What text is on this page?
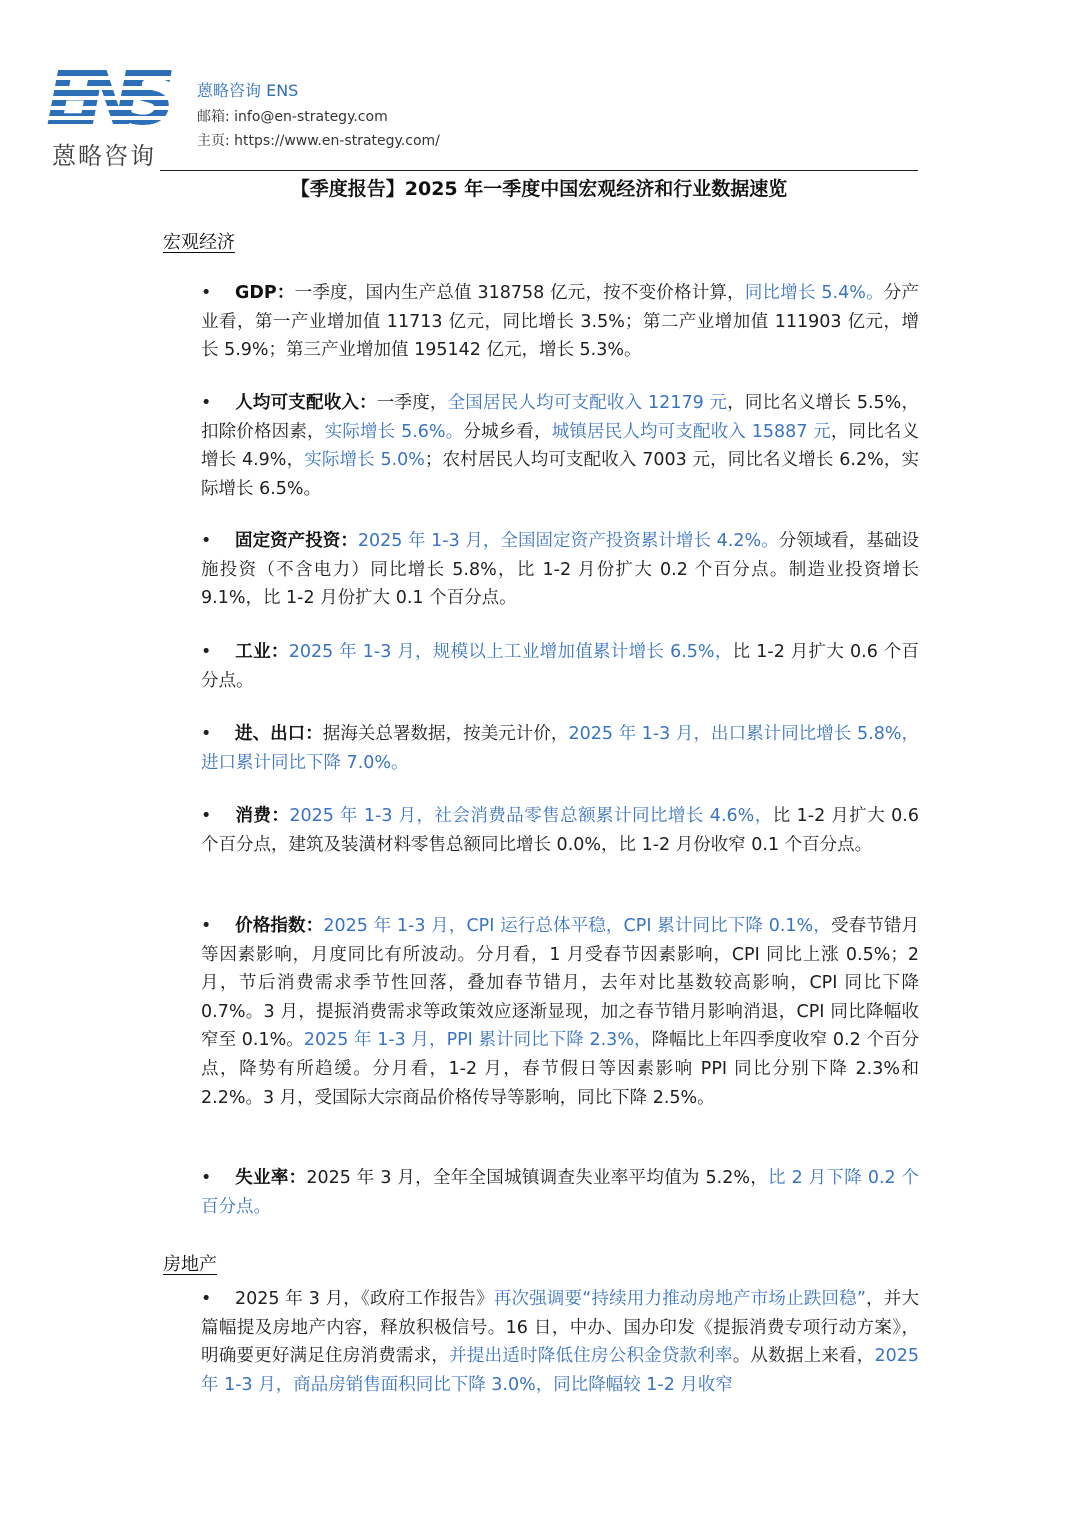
蒽略咨询
蒽略咨询 ENS
邮箱: info@en-strategy.com
主页: https://www.en-strategy.com/
【季度报告】2025 年一季度中国宏观经济和行业数据速览
宏观经济
• GDP：一季度，国内生产总值 318758 亿元，按不变价格计算，同比增长 5.4%。分产业看，第一产业增加值 11713 亿元，同比增长 3.5%；第二产业增加值 111903 亿元，增长 5.9%；第三产业增加值 195142 亿元，增长 5.3%。
• 人均可支配收入：一季度，全国居民人均可支配收入 12179 元，同比名义增长 5.5%，扣除价格因素，实际增长 5.6%。分城乡看，城镇居民人均可支配收入 15887 元，同比名义增长 4.9%，实际增长 5.0%；农村居民人均可支配收入 7003 元，同比名义增长 6.2%，实际增长 6.5%。
• 固定资产投资：2025 年 1-3 月，全国固定资产投资累计增长 4.2%。分领域看，基础设施投资（不含电力）同比增长 5.8%，比 1-2 月份扩大 0.2 个百分点。制造业投资增长 9.1%，比 1-2 月份扩大 0.1 个百分点。
• 工业：2025 年 1-3 月，规模以上工业增加值累计增长 6.5%，比 1-2 月扩大 0.6 个百分点。
• 进、出口：据海关总署数据，按美元计价，2025 年 1-3 月，出口累计同比增长 5.8%，进口累计同比下降 7.0%。
• 消费：2025 年 1-3 月，社会消费品零售总额累计同比增长 4.6%，比 1-2 月扩大 0.6 个百分点，建筑及装潢材料零售总额同比增长 0.0%，比 1-2 月份收窄 0.1 个百分点。
• 价格指数：2025 年 1-3 月，CPI 运行总体平稳，CPI 累计同比下降 0.1%，受春节错月等因素影响，月度同比有所波动。分月看，1 月受春节因素影响，CPI 同比上涨 0.5%；2 月，节后消费需求季节性回落，叠加春节错月，去年对比基数较高影响，CPI 同比下降 0.7%。3 月，提振消费需求等政策效应逐渐显现，加之春节错月影响消退，CPI 同比降幅收窄至 0.1%。2025 年 1-3 月，PPI 累计同比下降 2.3%，降幅比上年四季度收窄 0.2 个百分点，降势有所趋缓。分月看，1-2 月，春节假日等因素影响 PPI 同比分别下降 2.3%和 2.2%。3 月，受国际大宗商品价格传导等影响，同比下降 2.5%。
• 失业率：2025 年 3 月，全年全国城镇调查失业率平均值为 5.2%，比 2 月下降 0.2 个百分点。
房地产
• 2025 年 3 月，《政府工作报告》再次强调要“持续用力推动房地产市场止跌回稳”，并大篇幅提及房地产内容，释放积极信号。16 日，中办、国办印发《提振消费专项行动方案》，明确要更好满足住房消费需求，并提出适时降低住房公积金贷款利率。从数据上来看，2025 年 1-3 月，商品房销售面积同比下降 3.0%，同比降幅较 1-2 月收窄
